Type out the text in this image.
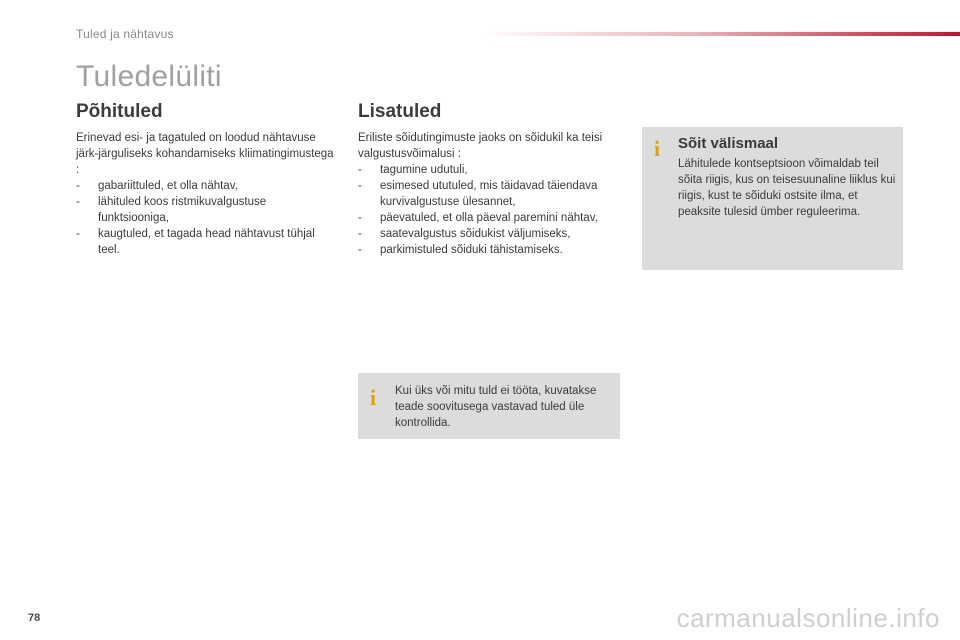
Tuled ja nähtavus
Tuledelüliti
Põhituled

Erinevad esi- ja tagatuled on loodud nähtavuse järk-järguliseks kohandamiseks kliimatingimustega :

- gabariittuled, et olla nähtav,
- lähituled koos ristmikuvalgustuse funktsiooniga,
- kaugtuled, et tagada head nähtavust tühjal teel.
Lisatuled

Eriliste sõidutingimuste jaoks on sõidukil ka teisi valgustusvõimalusi :

- tagumine udutuli,
- esimesed ututuled, mis täidavad täiendava kurvivalgustuse ülesannet,
- päevatuled, et olla päeval paremini nähtav,
- saatevalgustus sõidukist väljumiseks,
- parkimistuled sõiduki tähistamiseks.
i Sõit välismaal
Lähitulede kontseptsioon võimaldab teil sõita riigis, kus on teisesuunaline liiklus kui riigis, kust te sõiduki ostsite ilma, et peaksite tulesid ümber reguleerima.
i Kui üks või mitu tuld ei tööta, kuvatakse teade soovitusega vastavad tuled üle kontrollida.
78	carmanualsonline.info
